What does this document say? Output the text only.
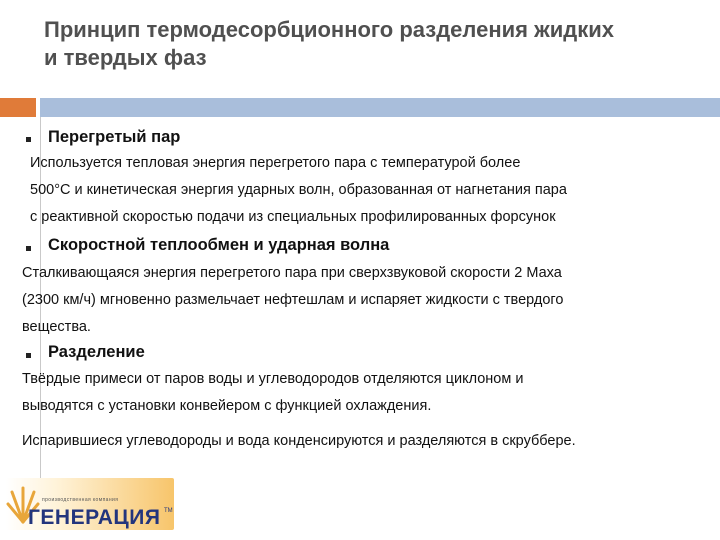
Принцип термодесорбционного разделения жидких
и твердых фаз
Перегретый пар
Используется тепловая энергия перегретого пара с температурой более
500°С и кинетическая энергия ударных волн, образованная от нагнетания пара
с реактивной скоростью подачи из специальных профилированных форсунок
Скоростной теплообмен и ударная волна
Сталкивающаяся энергия перегретого пара при сверхзвуковой скорости 2 Маха
(2300 км/ч) мгновенно размельчает нефтешлам и испаряет жидкости с твердого
вещества.
Разделение
Твёрдые примеси от паров воды и углеводородов отделяются циклоном и
выводятся с установки конвейером с функцией охлаждения.
Испарившиеся углеводороды и вода конденсируются и разделяются в скруббере.
производственная компания
ГЕНЕРАЦИЯ TM
